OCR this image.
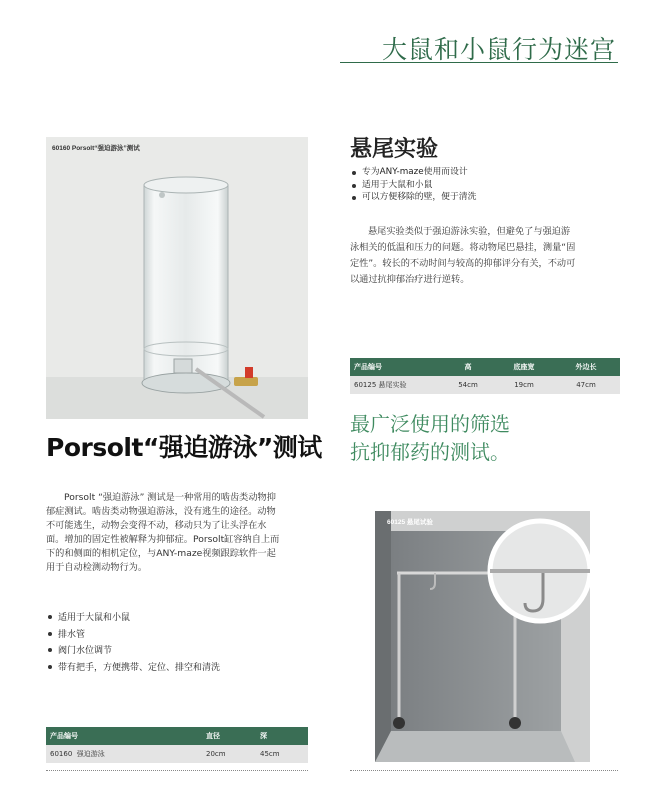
大鼠和小鼠行为迷宫
60160 Porsolt“强迫游泳”测试
Porsolt“强迫游泳”测试
Porsolt “强迫游泳” 测试是一种常用的啮齿类动物抑
郁症测试。啮齿类动物强迫游泳，没有逃生的途径。动物
不可能逃生，动物会变得不动，移动只为了让头浮在水
面。增加的固定性被解释为抑郁症。Porsolt缸容纳自上而
下的和侧面的相机定位，与ANY-maze视频跟踪软件一起
用于自动检测动物行为。
适用于大鼠和小鼠
排水管
阀门水位调节
带有把手，方便携带、定位、排空和清洗
产品编号		直径	深
60160 强迫游泳		20cm	45cm
悬尾实验
专为ANY-maze使用而设计
适用于大鼠和小鼠
可以方便移除的壁，便于清洗
悬尾实验类似于强迫游泳实验，但避免了与强迫游
泳相关的低温和压力的问题。将动物尾巴悬挂，测量“固
定性”。较长的不动时间与较高的抑郁评分有关，不动可
以通过抗抑郁治疗进行逆转。
产品编号	高	底座宽	外边长
60125 悬尾实验	54cm	19cm	47cm
最广泛使用的筛选
抗抑郁药的测试。
60125 悬尾试验
